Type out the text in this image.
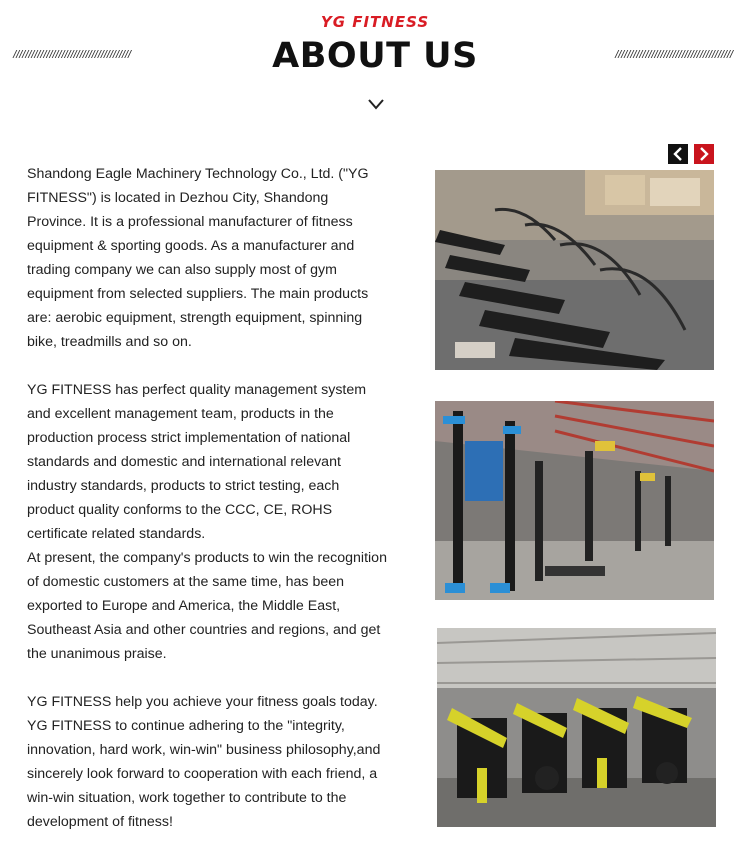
YG FITNESS
///////////////////////////////////////	ABOUT US	///////////////////////////////////////

Shandong Eagle Machinery Technology Co., Ltd. ("YG FITNESS") is located in Dezhou City, Shandong Province. It is a professional manufacturer of fitness equipment & sporting goods. As a manufacturer and trading company we can also supply most of gym equipment from selected suppliers. The main products are: aerobic equipment, strength equipment, spinning bike, treadmills and so on.

YG FITNESS has perfect quality management system and excellent management team, products in the production process strict implementation of national standards and domestic and international relevant industry standards, products to strict testing, each product quality conforms to the CCC, CE, ROHS certificate related standards.

At present, the company's products to win the recognition of domestic customers at the same time, has been exported to Europe and America, the Middle East, Southeast Asia and other countries and regions, and get the unanimous praise.

YG FITNESS help you achieve your fitness goals today. YG FITNESS to continue adhering to the "integrity, innovation, hard work, win-win" business philosophy,and sincerely look forward to cooperation with each friend, a win-win situation, work together to contribute to the development of fitness!
